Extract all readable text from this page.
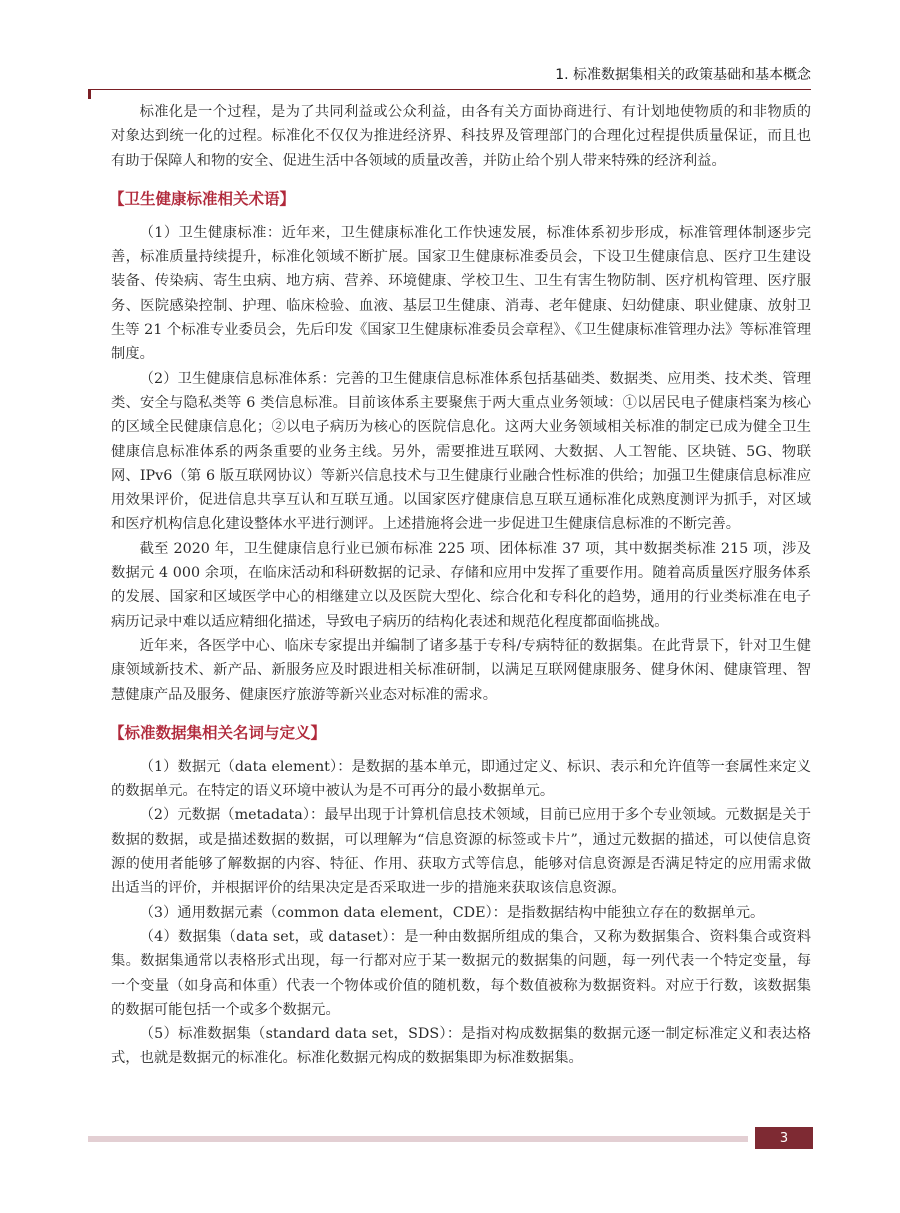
1. 标准数据集相关的政策基础和基本概念

标准化是一个过程，是为了共同利益或公众利益，由各有关方面协商进行、有计划地使物质的和非物质的对象达到统一化的过程。标准化不仅仅为推进经济界、科技界及管理部门的合理化过程提供质量保证，而且也有助于保障人和物的安全、促进生活中各领域的质量改善，并防止给个别人带来特殊的经济利益。

【卫生健康标准相关术语】

（1）卫生健康标准：近年来，卫生健康标准化工作快速发展，标准体系初步形成，标准管理体制逐步完善，标准质量持续提升，标准化领域不断扩展。国家卫生健康标准委员会，下设卫生健康信息、医疗卫生建设装备、传染病、寄生虫病、地方病、营养、环境健康、学校卫生、卫生有害生物防制、医疗机构管理、医疗服务、医院感染控制、护理、临床检验、血液、基层卫生健康、消毒、老年健康、妇幼健康、职业健康、放射卫生等 21 个标准专业委员会，先后印发《国家卫生健康标准委员会章程》、《卫生健康标准管理办法》等标准管理制度。

（2）卫生健康信息标准体系：完善的卫生健康信息标准体系包括基础类、数据类、应用类、技术类、管理类、安全与隐私类等 6 类信息标准。目前该体系主要聚焦于两大重点业务领域：①以居民电子健康档案为核心的区域全民健康信息化；②以电子病历为核心的医院信息化。这两大业务领域相关标准的制定已成为健全卫生健康信息标准体系的两条重要的业务主线。另外，需要推进互联网、大数据、人工智能、区块链、5G、物联网、IPv6（第 6 版互联网协议）等新兴信息技术与卫生健康行业融合性标准的供给；加强卫生健康信息标准应用效果评价，促进信息共享互认和互联互通。以国家医疗健康信息互联互通标准化成熟度测评为抓手，对区域和医疗机构信息化建设整体水平进行测评。上述措施将会进一步促进卫生健康信息标准的不断完善。

截至 2020 年，卫生健康信息行业已颁布标准 225 项、团体标准 37 项，其中数据类标准 215 项，涉及数据元 4 000 余项，在临床活动和科研数据的记录、存储和应用中发挥了重要作用。随着高质量医疗服务体系的发展、国家和区域医学中心的相继建立以及医院大型化、综合化和专科化的趋势，通用的行业类标准在电子病历记录中难以适应精细化描述，导致电子病历的结构化表述和规范化程度都面临挑战。

近年来，各医学中心、临床专家提出并编制了诸多基于专科/专病特征的数据集。在此背景下，针对卫生健康领域新技术、新产品、新服务应及时跟进相关标准研制，以满足互联网健康服务、健身休闲、健康管理、智慧健康产品及服务、健康医疗旅游等新兴业态对标准的需求。

【标准数据集相关名词与定义】

（1）数据元（data element）：是数据的基本单元，即通过定义、标识、表示和允许值等一套属性来定义的数据单元。在特定的语义环境中被认为是不可再分的最小数据单元。

（2）元数据（metadata）：最早出现于计算机信息技术领域，目前已应用于多个专业领域。元数据是关于数据的数据，或是描述数据的数据，可以理解为“信息资源的标签或卡片”，通过元数据的描述，可以使信息资源的使用者能够了解数据的内容、特征、作用、获取方式等信息，能够对信息资源是否满足特定的应用需求做出适当的评价，并根据评价的结果决定是否采取进一步的措施来获取该信息资源。

（3）通用数据元素（common data element，CDE）：是指数据结构中能独立存在的数据单元。

（4）数据集（data set，或 dataset）：是一种由数据所组成的集合，又称为数据集合、资料集合或资料集。数据集通常以表格形式出现，每一行都对应于某一数据元的数据集的问题，每一列代表一个特定变量，每一个变量（如身高和体重）代表一个物体或价值的随机数，每个数值被称为数据资料。对应于行数，该数据集的数据可能包括一个或多个数据元。

（5）标准数据集（standard data set，SDS）：是指对构成数据集的数据元逐一制定标准定义和表达格式，也就是数据元的标准化。标准化数据元构成的数据集即为标准数据集。

3
